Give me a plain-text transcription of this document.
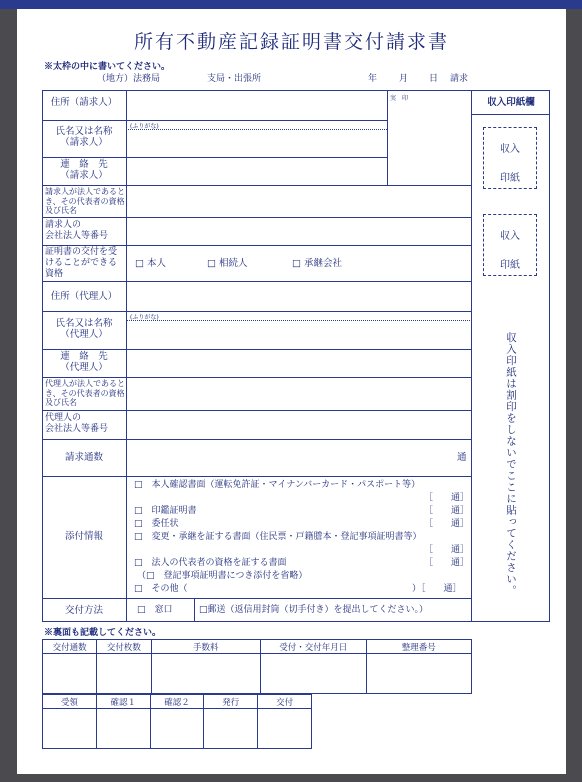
所有不動産記録証明書交付請求書
※太枠の中に書いてください。
（地方）法務局	支局・出張所	年 月 日 請求
住所（請求人）	実　印
(ふりがな)
氏名又は名称
（請求人）
連　絡　先
（請求人）
請求人が法人であるとき、その代表者の資格及び氏名
請求人の
会社法人等番号
証明書の交付を受けることができる資格
□ 本人	□ 相続人	□ 承継会社
住所（代理人）
(ふりがな)
氏名又は名称
（代理人）
連　絡　先
（代理人）
代理人が法人であるとき、その代表者の資格及び氏名
代理人の
会社法人等番号
請求通数	通
添付情報
□　本人確認書面（運転免許証・マイナンバーカード・パスポート等）
［　　通］
□　印鑑証明書	［　　通］
□　委任状	［　　通］
□　変更・承継を証する書面（住民票・戸籍謄本・登記事項証明書等）
［　　通］
□　法人の代表者の資格を証する書面	［　　通］
（□　登記事項証明書につき添付を省略）
□　その他（	）［　　通］
交付方法	□　窓口	□郵送（返信用封筒（切手付き）を提出してください。）
収入印紙欄
収入
印紙
収入
印紙
収入印紙は割印をしないでここに貼ってください。
※裏面も記載してください。
交付通数	交付枚数	手数料	受付・交付年月日	整理番号

受領	確認１	確認２	発行	交付
